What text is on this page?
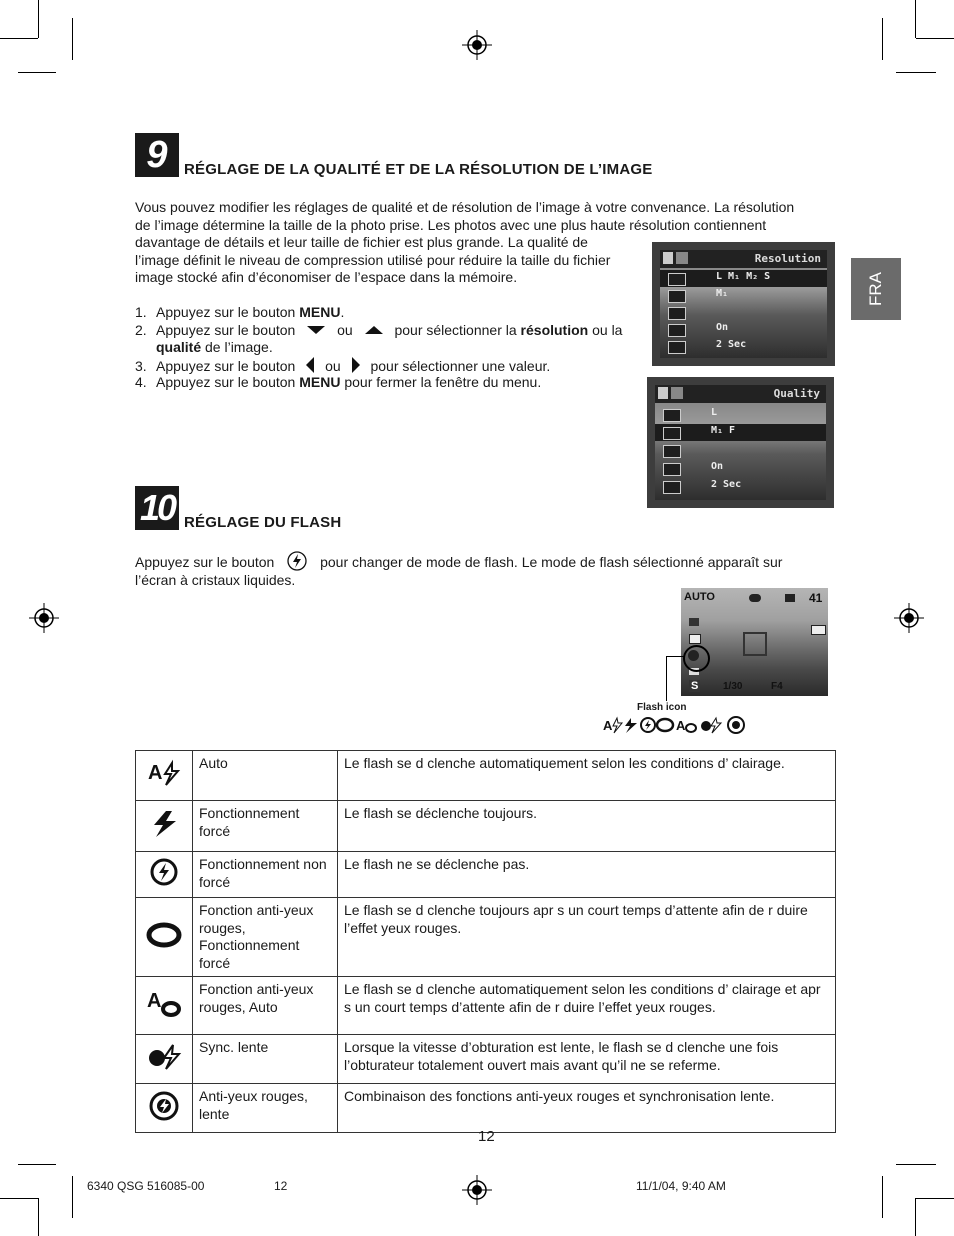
FRA
9	RÉGLAGE DE LA QUALITÉ ET DE LA RÉSOLUTION DE L’IMAGE
Vous pouvez modifier les réglages de qualité et de résolution de l’image à votre convenance. La résolution
de l’image détermine la taille de la photo prise. Les photos avec une plus haute résolution contiennent
davantage de détails et leur taille de fichier est plus grande. La qualité de
l’image définit le niveau de compression utilisé pour réduire la taille du fichier
image stocké afin d’économiser de l’espace dans la mémoire.
1. Appuyez sur le bouton MENU.
2. Appuyez sur le bouton	ou	pour sélectionner la résolution ou la
qualité de l’image.
3. Appuyez sur le bouton ou pour sélectionner une valeur.
4. Appuyez sur le bouton MENU pour fermer la fenêtre du menu.
Resolution
L M₁ M₂ S
M₁
On
2 Sec
Quality
L
M₁ F
On
2 Sec
10 RÉGLAGE DU FLASH
Appuyez sur le bouton	pour changer de mode de flash. Le mode de flash sélectionné apparaît sur
l’écran à cristaux liquides.
AUTO	41
S 1/30	F4
Flash icon
A	A
A	Auto	Le flash se d clenche automatiquement selon les conditions d’ clairage.
	Fonctionnement forcé	Le flash se déclenche toujours.
	Fonctionnement non forcé	Le flash ne se déclenche pas.
	Fonction anti-yeux rouges, Fonctionnement forcé	Le flash se d clenche toujours apr s un court temps d’attente afin de r duire l’effet yeux rouges.

A	Fonction anti-yeux rouges, Auto	Le flash se d clenche automatiquement selon les conditions d’ clairage et apr s un court temps d’attente afin de r duire l’effet yeux rouges.
	Sync. lente	Lorsque la vitesse d’obturation est lente, le flash se d clenche une fois l’obturateur totalement ouvert mais avant qu’il ne se referme.
	Anti-yeux rouges, lente	Combinaison des fonctions anti-yeux rouges et synchronisation lente.
12
6340 QSG 516085-00	12	11/1/04, 9:40 AM
